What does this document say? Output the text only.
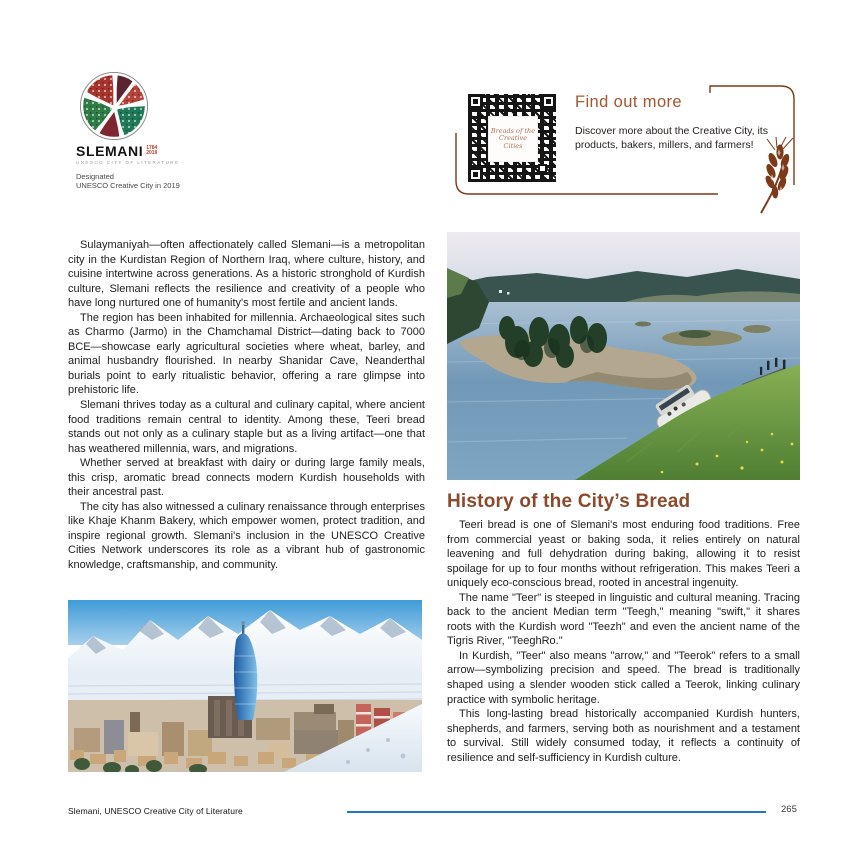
SLEMANI 1784
2019
UNESCO CITY OF LITERATURE
Designated
UNESCO Creative City in 2019
Breads of the Creative Cities
Find out more
Discover more about the Creative City, its products, bakers, millers, and farmers!

Sulaymaniyah—often affectionately called Slemani—is a metropolitan city in the Kurdistan Region of Northern Iraq, where culture, history, and cuisine intertwine across generations. As a historic stronghold of Kurdish culture, Slemani reflects the resilience and creativity of a people who have long nurtured one of humanity's most fertile and ancient lands.

The region has been inhabited for millennia. Archaeological sites such as Charmo (Jarmo) in the Chamchamal District—dating back to 7000 BCE—showcase early agricultural societies where wheat, barley, and animal husbandry flourished. In nearby Shanidar Cave, Neanderthal burials point to early ritualistic behavior, offering a rare glimpse into prehistoric life.

Slemani thrives today as a cultural and culinary capital, where ancient food traditions remain central to identity. Among these, Teeri bread stands out not only as a culinary staple but as a living artifact—one that has weathered millennia, wars, and migrations.

Whether served at breakfast with dairy or during large family meals, this crisp, aromatic bread connects modern Kurdish households with their ancestral past.

The city has also witnessed a culinary renaissance through enterprises like Khaje Khanm Bakery, which empower women, protect tradition, and inspire regional growth. Slemani's inclusion in the UNESCO Creative Cities Network underscores its role as a vibrant hub of gastronomic knowledge, craftsmanship, and community.

History of the City’s Bread

Teeri bread is one of Slemani's most enduring food traditions. Free from commercial yeast or baking soda, it relies entirely on natural leavening and full dehydration during baking, allowing it to resist spoilage for up to four months without refrigeration. This makes Teeri a uniquely eco-conscious bread, rooted in ancestral ingenuity.

The name "Teer" is steeped in linguistic and cultural meaning. Tracing back to the ancient Median term "Teegh," meaning "swift," it shares roots with the Kurdish word "Teezh" and even the ancient name of the Tigris River, "TeeghRo."

In Kurdish, "Teer" also means "arrow," and "Teerok" refers to a small arrow—symbolizing precision and speed. The bread is traditionally shaped using a slender wooden stick called a Teerok, linking culinary practice with symbolic heritage.

This long-lasting bread historically accompanied Kurdish hunters, shepherds, and farmers, serving both as nourishment and a testament to survival. Still widely consumed today, it reflects a continuity of resilience and self-sufficiency in Kurdish culture.

Slemani, UNESCO Creative City of Literature	265
